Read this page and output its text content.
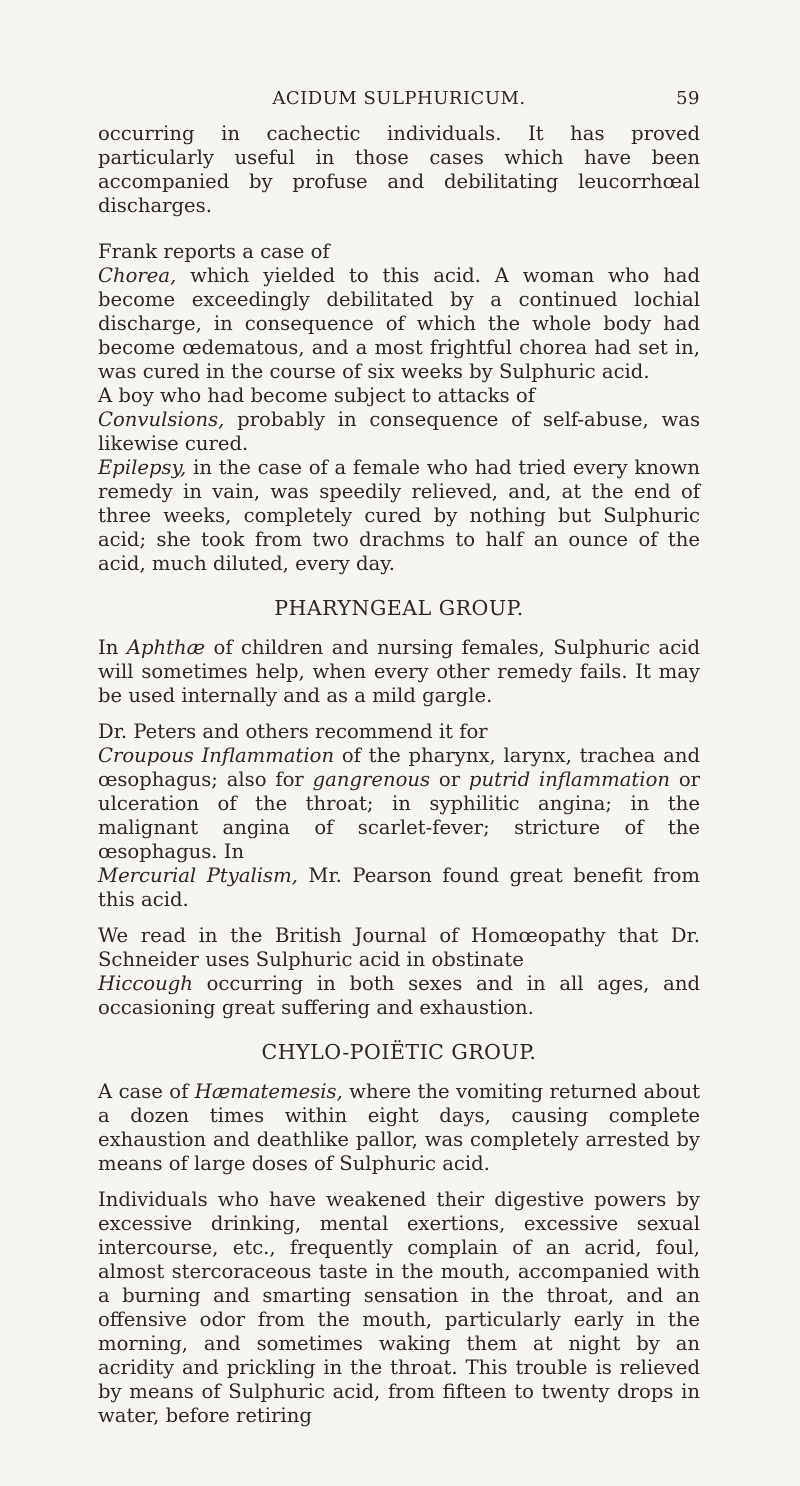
ACIDUM SULPHURICUM.	59

occurring in cachectic individuals. It has proved particularly useful in those cases which have been accompanied by profuse and debilitating leucorrhœal discharges.

Frank reports a case of
Chorea, which yielded to this acid. A woman who had become exceedingly debilitated by a continued lochial discharge, in consequence of which the whole body had become œdematous, and a most frightful chorea had set in, was cured in the course of six weeks by Sulphuric acid.

A boy who had become subject to attacks of
Convulsions, probably in consequence of self-abuse, was likewise cured.

Epilepsy, in the case of a female who had tried every known remedy in vain, was speedily relieved, and, at the end of three weeks, completely cured by nothing but Sulphuric acid; she took from two drachms to half an ounce of the acid, much diluted, every day.

PHARYNGEAL GROUP.

In Aphthæ of children and nursing females, Sulphuric acid will sometimes help, when every other remedy fails. It may be used internally and as a mild gargle.

Dr. Peters and others recommend it for
Croupous Inflammation of the pharynx, larynx, trachea and œsophagus; also for gangrenous or putrid inflammation or ulceration of the throat; in syphilitic angina; in the malignant angina of scarlet-fever; stricture of the œsophagus. In
Mercurial Ptyalism, Mr. Pearson found great benefit from this acid.

We read in the British Journal of Homœopathy that Dr. Schneider uses Sulphuric acid in obstinate
Hiccough occurring in both sexes and in all ages, and occasioning great suffering and exhaustion.

CHYLO-POIËTIC GROUP.

A case of Hæmatemesis, where the vomiting returned about a dozen times within eight days, causing complete exhaustion and deathlike pallor, was completely arrested by means of large doses of Sulphuric acid.

Individuals who have weakened their digestive powers by excessive drinking, mental exertions, excessive sexual intercourse, etc., frequently complain of an acrid, foul, almost stercoraceous taste in the mouth, accompanied with a burning and smarting sensation in the throat, and an offensive odor from the mouth, particularly early in the morning, and sometimes waking them at night by an acridity and prickling in the throat. This trouble is relieved by means of Sulphuric acid, from fifteen to twenty drops in water, before retiring
